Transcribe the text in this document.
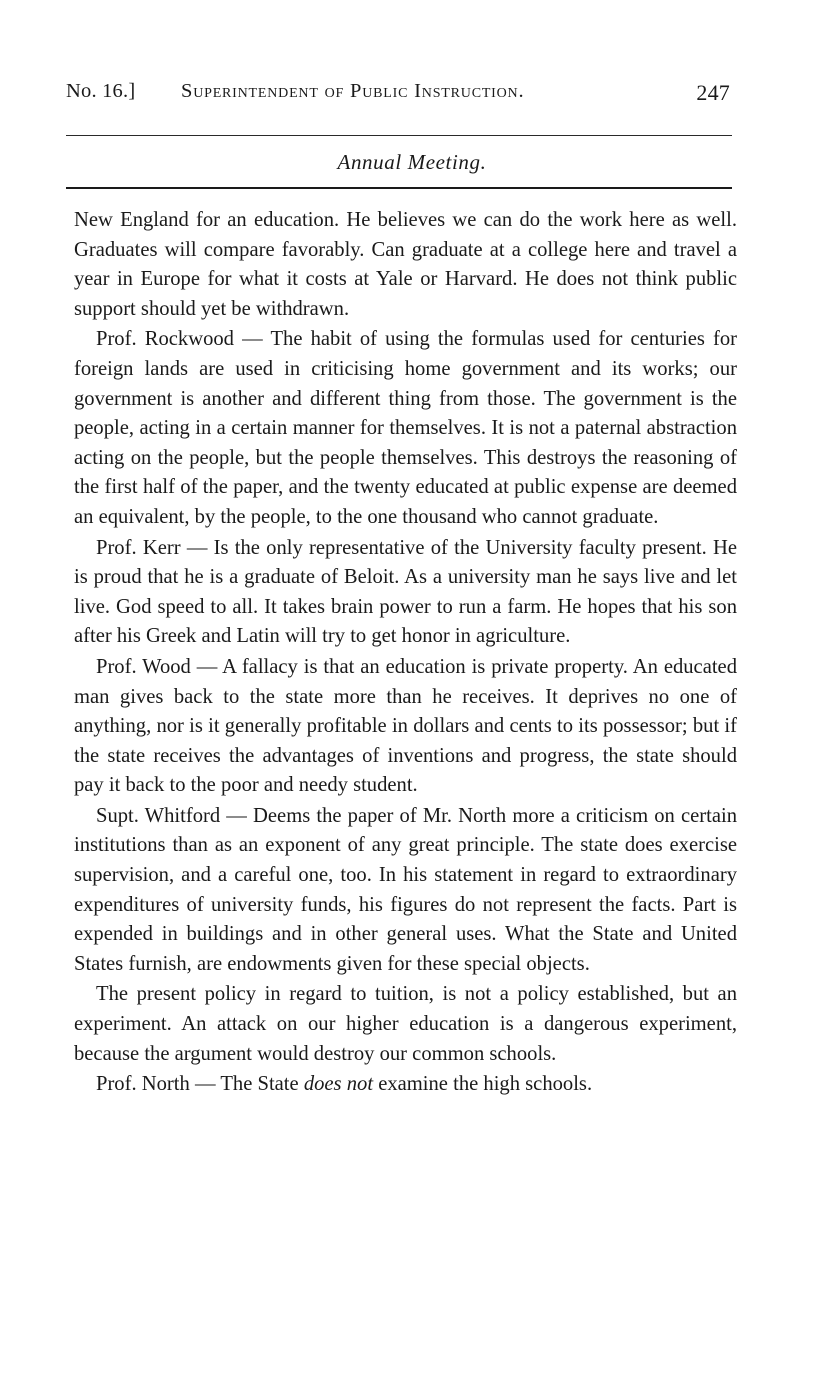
No. 16.] Superintendent of Public Instruction.	247
Annual Meeting.

New England for an education. He believes we can do the work here as well. Graduates will compare favorably. Can graduate at a college here and travel a year in Europe for what it costs at Yale or Harvard. He does not think public support should yet be withdrawn.

Prof. Rockwood — The habit of using the formulas used for centuries for foreign lands are used in criticising home government and its works; our government is another and different thing from those. The government is the people, acting in a certain manner for themselves. It is not a paternal abstraction acting on the people, but the people themselves. This destroys the reasoning of the first half of the paper, and the twenty educated at public expense are deemed an equivalent, by the people, to the one thousand who cannot graduate.

Prof. Kerr — Is the only representative of the University faculty present. He is proud that he is a graduate of Beloit. As a university man he says live and let live. God speed to all. It takes brain power to run a farm. He hopes that his son after his Greek and Latin will try to get honor in agriculture.

Prof. Wood — A fallacy is that an education is private property. An educated man gives back to the state more than he receives. It deprives no one of anything, nor is it generally profitable in dollars and cents to its possessor; but if the state receives the advantages of inventions and progress, the state should pay it back to the poor and needy student.

Supt. Whitford — Deems the paper of Mr. North more a criticism on certain institutions than as an exponent of any great principle. The state does exercise supervision, and a careful one, too. In his statement in regard to extraordinary expenditures of university funds, his figures do not represent the facts. Part is expended in buildings and in other general uses. What the State and United States furnish, are endowments given for these special objects.

The present policy in regard to tuition, is not a policy established, but an experiment. An attack on our higher education is a dangerous experiment, because the argument would destroy our common schools.

Prof. North — The State does not examine the high schools.
